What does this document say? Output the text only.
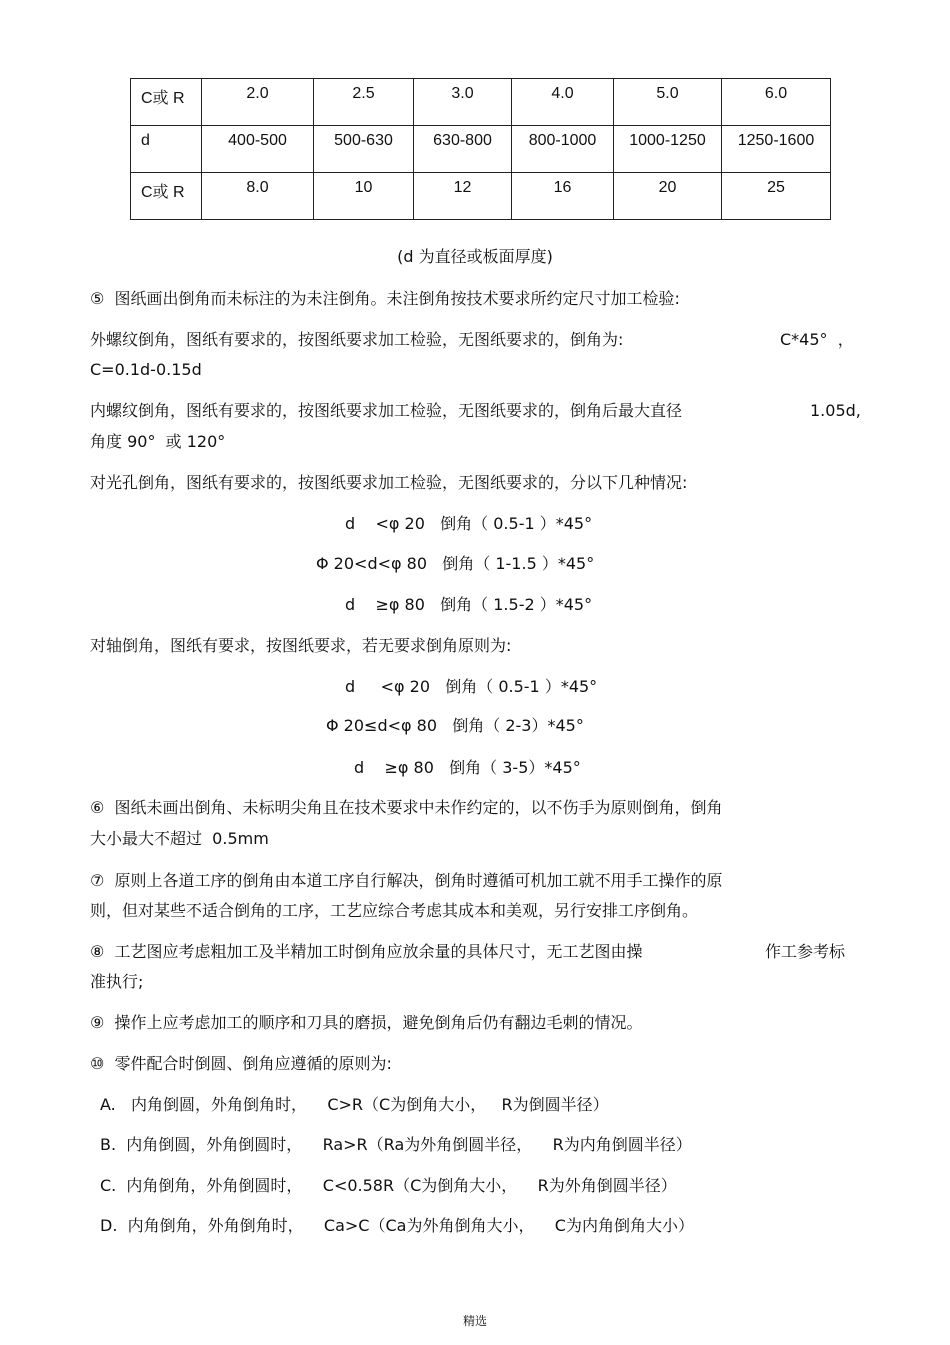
C或 R	2.0	2.5	3.0	4.0	5.0	6.0
d	400-500	500-630	630-800	800-1000	1000-1250	1250-1600
C或 R	8.0	10	12	16	20	25
(d 为直径或板面厚度)
⑤  图纸画出倒角而未标注的为未注倒角。未注倒角按技术要求所约定尺寸加工检验:
外螺纹倒角，图纸有要求的，按图纸要求加工检验，无图纸要求的，倒角为:	C*45°  ，
C=0.1d-0.15d
内螺纹倒角，图纸有要求的，按图纸要求加工检验，无图纸要求的，倒角后最大直径	1.05d,
角度 90°  或 120°
对光孔倒角，图纸有要求的，按图纸要求加工检验，无图纸要求的，分以下几种情况:
d    <φ 20   倒角（ 0.5-1 ）*45°
Φ 20<d<φ 80   倒角（ 1-1.5 ）*45°
d    ≥φ 80   倒角（ 1.5-2 ）*45°
对轴倒角，图纸有要求，按图纸要求，若无要求倒角原则为:
d     <φ 20   倒角（ 0.5-1 ）*45°
Φ 20≤d<φ 80   倒角（ 2-3）*45°
d    ≥φ 80   倒角（ 3-5）*45°
⑥  图纸未画出倒角、未标明尖角且在技术要求中未作约定的，以不伤手为原则倒角，倒角
大小最大不超过  0.5mm
⑦  原则上各道工序的倒角由本道工序自行解决，倒角时遵循可机加工就不用手工操作的原
则，但对某些不适合倒角的工序，工艺应综合考虑其成本和美观，另行安排工序倒角。
⑧  工艺图应考虑粗加工及半精加工时倒角应放余量的具体尺寸，无工艺图由操	作工参考标
准执行;
⑨  操作上应考虑加工的顺序和刀具的磨损，避免倒角后仍有翻边毛刺的情况。
⑩  零件配合时倒圆、倒角应遵循的原则为:
A.   内角倒圆，外角倒角时，    C>R（C为倒角大小，   R为倒圆半径）
B.  内角倒圆，外角倒圆时，    Ra>R（Ra为外角倒圆半径，    R为内角倒圆半径）
C.  内角倒角，外角倒圆时，    C<0.58R（C为倒角大小，    R为外角倒圆半径）
D.  内角倒角，外角倒角时，    Ca>C（Ca为外角倒角大小，    C为内角倒角大小）
精选
